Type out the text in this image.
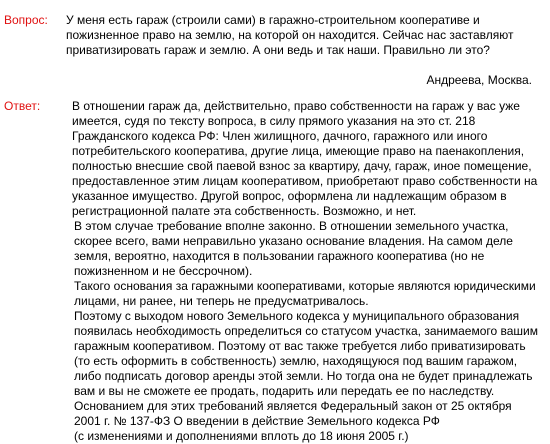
Вопрос:	У меня есть гараж (строили сами) в гаражно-строительном кооперативе и
пожизненное право на землю, на которой он находится. Сейчас нас заставляют
приватизировать гараж и землю. А они ведь и так наши. Правильно ли это?
Андреева, Москва.
Ответ:	В отношении гараж да, действительно, право собственности на гараж у вас уже
имеется, судя по тексту вопроса, в силу прямого указания на это ст. 218
Гражданского кодекса РФ: Член жилищного, дачного, гаражного или иного
потребительского кооператива, другие лица, имеющие право на паенакопления,
полностью внесшие свой паевой взнос за квартиру, дачу, гараж, иное помещение,
предоставленное этим лицам кооперативом, приобретают право собственности на
указанное имущество. Другой вопрос, оформлена ли надлежащим образом в
регистрационной палате эта собственность. Возможно, и нет.
В этом случае требование вполне законно. В отношении земельного участка,
скорее всего, вами неправильно указано основание владения. На самом деле
земля, вероятно, находится в пользовании гаражного кооператива (но не
пожизненном и не бессрочном).
Такого основания за гаражными кооперативами, которые являются юридическими
лицами, ни ранее, ни теперь не предусматривалось.
Поэтому с выходом нового Земельного кодекса у муниципального образования
появилась необходимость определиться со статусом участка, занимаемого вашим
гаражным кооперативом. Поэтому от вас также требуется либо приватизировать
(то есть оформить в собственность) землю, находящуюся под вашим гаражом,
либо подписать договор аренды этой земли. Но тогда она не будет принадлежать
вам и вы не сможете ее продать, подарить или передать ее по наследству.
Основанием для этих требований является Федеральный закон от 25 октября
2001 г. № 137-ФЗ О введении в действие Земельного кодекса РФ
(с изменениями и дополнениями вплоть до 18 июня 2005 г.)
